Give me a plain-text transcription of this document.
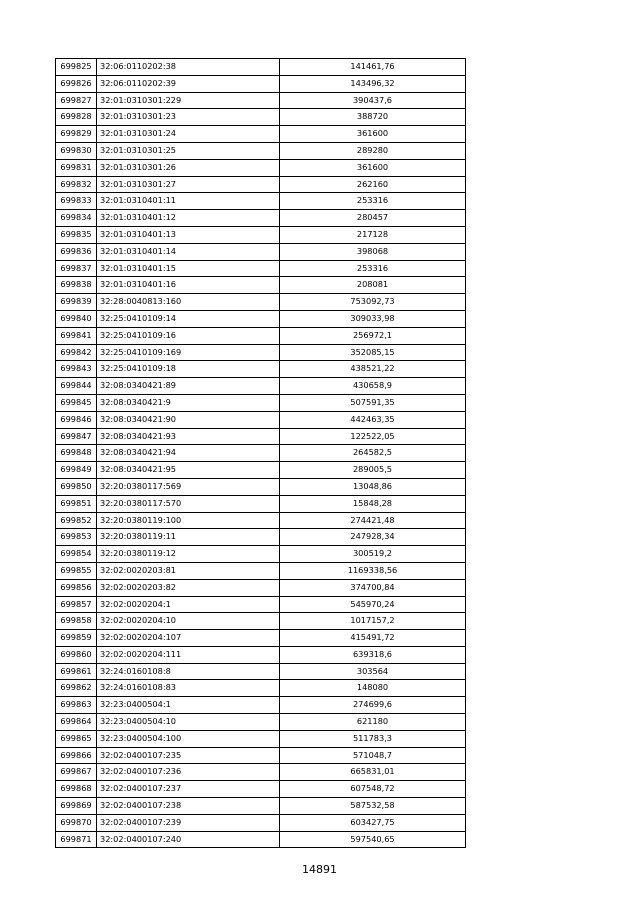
699825	32:06:0110202:38	141461,76
699826	32:06:0110202:39	143496,32
699827	32:01:0310301:229	390437,6
699828	32:01:0310301:23	388720
699829	32:01:0310301:24	361600
699830	32:01:0310301:25	289280
699831	32:01:0310301:26	361600
699832	32:01:0310301:27	262160
699833	32:01:0310401:11	253316
699834	32:01:0310401:12	280457
699835	32:01:0310401:13	217128
699836	32:01:0310401:14	398068
699837	32:01:0310401:15	253316
699838	32:01:0310401:16	208081
699839	32:28:0040813:160	753092,73
699840	32:25:0410109:14	309033,98
699841	32:25:0410109:16	256972,1
699842	32:25:0410109:169	352085,15
699843	32:25:0410109:18	438521,22
699844	32:08:0340421:89	430658,9
699845	32:08:0340421:9	507591,35
699846	32:08:0340421:90	442463,35
699847	32:08:0340421:93	122522,05
699848	32:08:0340421:94	264582,5
699849	32:08:0340421:95	289005,5
699850	32:20:0380117:569	13048,86
699851	32:20:0380117:570	15848,28
699852	32:20:0380119:100	274421,48
699853	32:20:0380119:11	247928,34
699854	32:20:0380119:12	300519,2
699855	32:02:0020203:81	1169338,56
699856	32:02:0020203:82	374700,84
699857	32:02:0020204:1	545970,24
699858	32:02:0020204:10	1017157,2
699859	32:02:0020204:107	415491,72
699860	32:02:0020204:111	639318,6
699861	32:24:0160108:8	303564
699862	32:24:0160108:83	148080
699863	32:23:0400504:1	274699,6
699864	32:23:0400504:10	621180
699865	32:23:0400504:100	511783,3
699866	32:02:0400107:235	571048,7
699867	32:02:0400107:236	665831,01
699868	32:02:0400107:237	607548,72
699869	32:02:0400107:238	587532,58
699870	32:02:0400107:239	603427,75
699871	32:02:0400107:240	597540,65
14891
